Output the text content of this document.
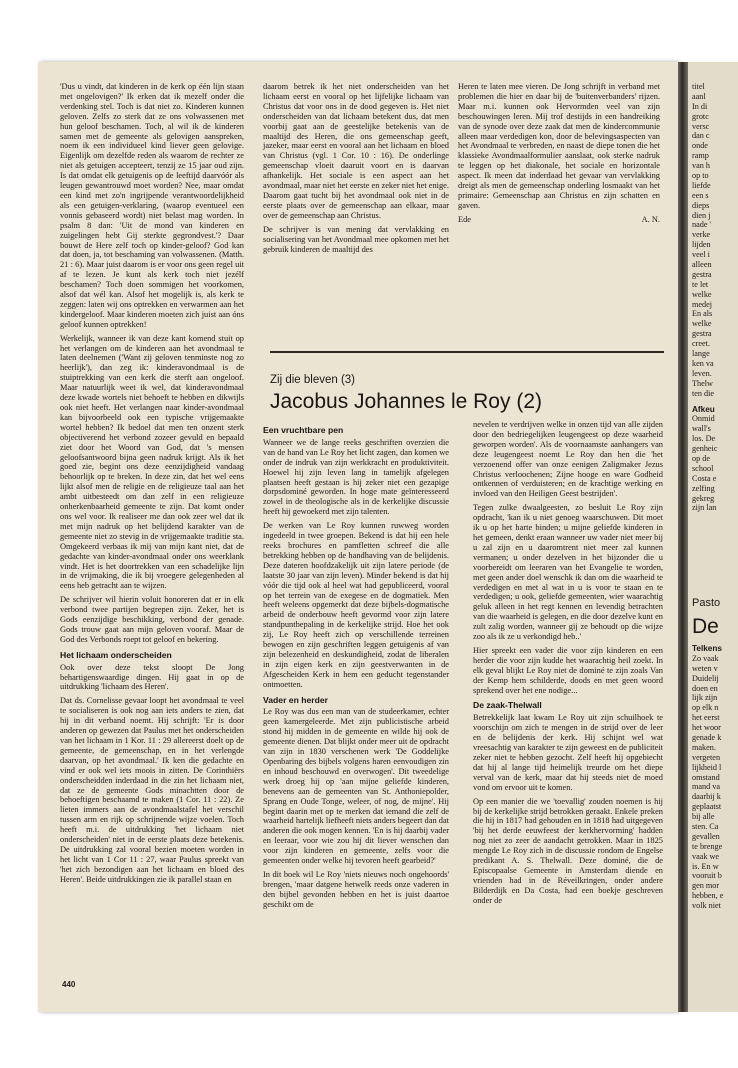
'Dus u vindt, dat kinderen in de kerk op één lijn staan met ongelovigen?' Ik erken dat ik mezelf onder die verdenking stel. Toch is dat niet zo. Kinderen kunnen geloven. Zelfs zo sterk dat ze ons volwassenen met hun geloof beschamen. Toch, al wil ik de kinderen samen met de gemeente als gelovigen aanspreken, noem ik een individueel kind liever geen gelovige. Eigenlijk om dezelfde reden als waarom de rechter ze niet als getuigen accepteert, tenzij ze 15 jaar oud zijn. Is dat omdat elk getuigenis op de leeftijd daarvóór als leugen gewantrouwd moet worden? Nee, maar omdat een kind met zo'n ingrijpende verantwoordelijkheid als een getuigen-verklaring, (waarop eventueel een vonnis gebaseerd wordt) niet belast mag worden. In psalm 8 dan: 'Uit de mond van kinderen en zuigelingen hebt Gij sterkte gegrondvest.'? Daar bouwt de Here zelf toch op kinder-geloof? God kan dat doen, ja, tot beschaming van volwassenen. (Matth. 21 : 6). Maar juist daarom is er voor ons geen regel uit af te lezen. Je kunt als kerk toch niet jezélf beschamen? Toch doen sommigen het voorkomen, alsof dat wél kan. Alsof het mogelijk is, als kerk te zeggen: laten wij ons optrekken en verwarmen aan het kindergeloof. Maar kinderen moeten zich juist aan óns geloof kunnen optrekken!

Werkelijk, wanneer ik van deze kant komend stuit op het verlangen om de kinderen aan het avondmaal te laten deelnemen ('Want zij geloven tenminste nog zo heerlijk'), dan zeg ik: kinderavondmaal is de stuiptrekking van een kerk die sterft aan ongeloof. Maar natuurlijk weet ik wel, dat kinderavondmaal deze kwade wortels niet behoeft te hebben en dikwijls ook niet heeft. Het verlangen naar kinder-avondmaal kan bijvoorbeeld ook een typische vrijgemaakte wortel hebben? Ik bedoel dat men ten onzent sterk objectiverend het verbond zozeer gevuld en bepaald ziet door het Woord van God, dat 's mensen geloofsantwoord bijna geen nadruk krijgt. Als ik het goed zie, begint ons deze eenzijdigheid vandaag behoorlijk op te breken. In deze zin, dat het wel eens lijkt alsof men de religie en de religieuze taal aan het ambt uitbesteedt om dan zelf in een religieuze onherkenbaarheid gemeente te zijn. Dat komt onder ons wel voor. Ik realiseer me dan ook zeer wel dat ik met mijn nadruk op het belijdend karakter van de gemeente niet zo stevig in de vrijgemaakte traditie sta. Omgekeerd verbaas ik mij van mijn kant niet, dat de gedachte van kinder-avondmaal onder ons weerklank vindt. Het is het doortrekken van een schadelijke lijn in de vrijmaking, die ik bij vroegere gelegenheden al eens heb getracht aan te wijzen.

De schrijver wil hierin voluit honoreren dat er in elk verbond twee partijen begrepen zijn. Zeker, het is Gods eenzijdige beschikking, verbond der genade. Gods trouw gaat aan mijn geloven vooraf. Maar de God des Verbonds roept tot geloof en bekering.

Het lichaam onderscheiden

Ook over deze tekst sloopt De Jong behartigenswaardige dingen. Hij gaat in op de uitdrukking 'lichaam des Heren'.

Dat ds. Cornelisse gevaar loopt het avondmaal te veel te socialiseren is ook nog aan iets anders te zien, dat hij in dit verband noemt. Hij schrijft: 'Er is door anderen op gewezen dat Paulus met het onderscheiden van het lichaam in 1 Kor. 11 : 29 allereerst doelt op de gemeente, de gemeenschap, en in het verlengde daarvan, op het avondmaal.' Ik ken die gedachte en vind er ook wel iets moois in zitten. De Corinthiërs onderscheidden inderdaad in die zin het lichaam niet, dat ze de gemeente Gods minachtten door de behoeftigen beschaamd te maken (1 Cor. 11 : 22). Ze lieten immers aan de avondmaalstafel het verschil tussen arm en rijk op schrijnende wijze voelen. Toch heeft m.i. de uitdrukking 'het lichaam niet onderscheiden' niet in de eerste plaats deze betekenis. De uitdrukking zal vooral bezien moeten worden in het licht van 1 Cor 11 : 27, waar Paulus spreekt van 'het zich bezondigen aan het lichaam en bloed des Heren'. Beide uitdrukkingen zie ik parallel staan en

daarom betrek ik het niet onderscheiden van het lichaam eerst en vooral op het lijfelijke lichaam van Christus dat voor ons in de dood gegeven is. Het niet onderscheiden van dat lichaam betekent dus, dat men voorbij gaat aan de geestelijke betekenis van de maaltijd des Heren, die ons gemeenschap geeft, jazeker, maar eerst en vooral aan het lichaam en bloed van Christus (vgl. 1 Cor. 10 : 16). De onderlinge gemeenschap vloeit daaruit voort en is daarvan afhankelijk. Het sociale is een aspect aan het avondmaal, maar niet het eerste en zeker niet het enige. Daarom gaat tucht bij het avondmaal ook niet in de eerste plaats over de gemeenschap aan elkaar, maar over de gemeenschap aan Christus.

De schrijver is van mening dat vervlakking en socialisering van het Avondmaal mee opkomen met het gebruik kinderen de maaltijd des

Heren te laten mee vieren. De Jong schrijft in verband met problemen die hier en daar bij de 'buitenverbanders' rijzen. Maar m.i. kunnen ook Hervormden veel van zijn beschouwingen leren. Mij trof destijds in een handreiking van de synode over deze zaak dat men de kindercommunie alleen maar verdedigen kon, door de belevingsaspecten van het Avondmaal te verbreden, en naast de diepe tonen die het klassieke Avondmaalformulier aanslaat, ook sterke nadruk te leggen op het diakonale, het sociale en horizontale aspect. Ik meen dat inderdaad het gevaar van vervlakking dreigt als men de gemeenschap onderling losmaakt van het primaire: Gemeenschap aan Christus en zijn schatten en gaven.

Ede	A. N.
Zij die bleven (3)
Jacobus Johannes le Roy (2)
Een vruchtbare pen

Wanneer we de lange reeks geschriften overzien die van de hand van Le Roy het licht zagen, dan komen we onder de indruk van zijn werkkracht en produktiviteit. Hoewel hij zijn leven lang in tamelijk afgelegen plaatsen heeft gestaan is hij zeker niet een gezapige dorpsdominé geworden. In hoge mate geïnteresseerd zowel in de theologische als in de kerkelijke discussie heeft hij gewoekerd met zijn talenten.

De werken van Le Roy kunnen ruwweg worden ingedeeld in twee groepen. Bekend is dat hij een hele reeks brochures en pamfletten schreef die alle betrekking hebben op de handhaving van de belijdenis. Deze dateren hoofdzakelijk uit zijn latere periode (de laatste 30 jaar van zijn leven). Minder bekend is dat hij vóór die tijd ook al heel wat had gepubliceerd, vooral op het terrein van de exegese en de dogmatiek. Men heeft weleens opgemerkt dat deze bijbels-dogmatische arbeid de onderbouw heeft gevormd voor zijn latere standpuntbepaling in de kerkelijke strijd. Hoe het ook zij, Le Roy heeft zich op verschillende terreinen bewogen en zijn geschriften leggen getuigenis af van zijn belezenheid en deskundigheid, zodat de liberalen in zijn eigen kerk en zijn geestverwanten in de Afgescheiden Kerk in hem een geducht tegenstander ontmoetten.

Vader en herder

Le Roy was dus een man van de studeerkamer, echter geen kamergeleerde. Met zijn publicistische arbeid stond hij midden in de gemeente en wilde hij ook de gemeente dienen. Dat blijkt onder meer uit de opdracht van zijn in 1830 verschenen werk 'De Goddelijke Openbaring des bijbels volgens haren eenvoudigen zin en inhoud beschouwd en overwogen'. Dit tweedelige werk droeg hij op 'aan mijne geliefde kinderen, benevens aan de gemeenten van St. Anthoniepolder, Sprang en Oude Tonge, weleer, of nog, de mijne'. Hij begint daarin met op te merken dat iemand die zelf de waarheid hartelijk liefheeft niets anders begeert dan dat anderen die ook mogen kennen. 'En is hij daarbij vader en leeraar, voor wie zou hij dit liever wenschen dan voor zijn kinderen en gemeente, zelfs voor die gemeenten onder welke hij tevoren heeft gearbeid?'

In dit boek wil Le Roy 'niets nieuws noch ongehoords' brengen, 'maar datgene hetwelk reeds onze vaderen in den bijbel gevonden hebben en het is juist daartoe geschikt om de

nevelen te verdrijven welke in onzen tijd van alle zijden door den bedriegelijken leugengeest op deze waarheid geworpen worden'. Als de voornaamste aanhangers van deze leugengeest noemt Le Roy dan hen die 'het verzoenend offer van onze eenigen Zaligmaker Jezus Christus verloochenen; Zijne hooge en ware Godheid ontkennen of verduisteren; en de krachtige werking en invloed van den Heiligen Geest bestrijden'.

Tegen zulke dwaalgeesten, zo besluit Le Roy zijn opdracht, 'kan ik u niet genoeg waarschuwen. Dit moet ik u op het harte binden; u mijne geliefde kinderen in het gemeen, denkt eraan wanneer uw vader niet meer bij u zal zijn en u daaromtrent niet meer zal kunnen vermanen; u onder dezelven in het bijzonder die u voorbereidt om leeraren van het Evangelie te worden, met geen ander doel wenschk ik dan om die waarheid te verdedigen en met al wat in u is voor te staan en te verdedigen; u ook, geliefde gemeenten, wier waarachtig geluk alleen in het regt kennen en levendig betrachten van die waarheid is gelegen, en die door dezelve kunt en zult zalig worden, wanneer gij ze behoudt op die wijze zoo als ik ze u verkondigd heb..'

Hier spreekt een vader die voor zijn kinderen en een herder die voor zijn kudde het waarachtig heil zoekt. In elk geval blijkt Le Roy niet de dominé te zijn zoals Van der Kemp hem schilderde, doods en met geen woord sprekend over het ene nodige...

De zaak-Thelwall

Betrekkelijk laat kwam Le Roy uit zijn schuilhoek te voorschijn om zich te mengen in de strijd over de leer en de belijdenis der kerk. Hij schijnt wel wat vreesachtig van karakter te zijn geweest en de publiciteit zeker niet te hebben gezocht. Zelf heeft hij opgebiecht dat hij al lange tijd heimelijk treurde om het diepe verval van de kerk, maar dat hij steeds niet de moed vond om ervoor uit te komen.

Op een manier die we 'toevallig' zouden noemen is hij bij de kerkelijke strijd betrokken geraakt. Enkele preken die hij in 1817 had gehouden en in 1818 had uitgegeven 'bij het derde eeuwfeest der kerkhervorming' hadden nog niet zo zeer de aandacht getrokken. Maar in 1825 mengde Le Roy zich in de discussie rondom de Engelse predikant A. S. Thelwall. Deze dominé, die de Episcopaalse Gemeente in Amsterdam diende en vrienden had in de Réveilkringen, onder andere Bilderdijk en Da Costa, had een boekje geschreven onder de

440
titel
aanl
In di
grotc
versc
dan c
onde
ramp
van h
op to
liefde
een s
dieps
dien j
nade '
verke
lijden
veel i
alleen
gestra
te let
welke
medej
En als
welke
gestra
creet.
lange
ken va
leven.
Thelw
ten die
Afkeu
Onmid
wall's
los. De
genheic
op de
school
Costa e
zelfing
gekreg
zijn lan
Pasto
De
Telkens
Zo vaak
weten v
Duidelij
doen en
lijk zijn
op elk n
het eerst
het woor
genade k
maken.
vergeten
lijkheid l
omstand
mand va
daarbij k
geplaatst
bij alle
sten. Ca
gevallen
te brenge
vaak we
is. En w
vooruit b
gen mor
hebben, e
volk niet
